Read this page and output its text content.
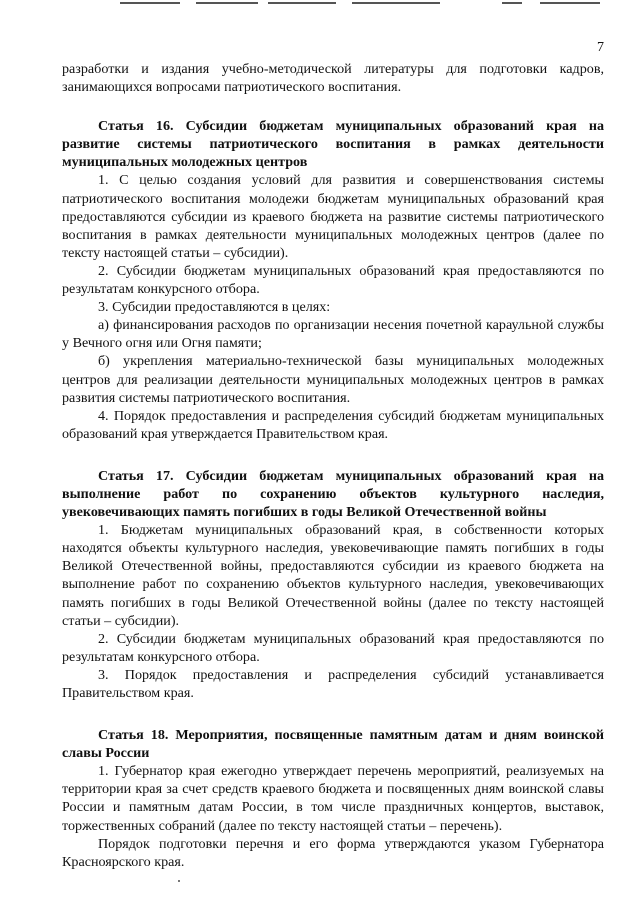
7

разработки и издания учебно-методической литературы для подготовки кадров, занимающихся вопросами патриотического воспитания.

Статья 16. Субсидии бюджетам муниципальных образований края на развитие системы патриотического воспитания в рамках деятельности муниципальных молодежных центров

1. С целью создания условий для развития и совершенствования системы патриотического воспитания молодежи бюджетам муниципальных образований края предоставляются субсидии из краевого бюджета на развитие системы патриотического воспитания в рамках деятельности муниципальных молодежных центров (далее по тексту настоящей статьи – субсидии).

2. Субсидии бюджетам муниципальных образований края предоставляются по результатам конкурсного отбора.

3. Субсидии предоставляются в целях:

а) финансирования расходов по организации несения почетной караульной службы у Вечного огня или Огня памяти;

б) укрепления материально-технической базы муниципальных молодежных центров для реализации деятельности муниципальных молодежных центров в рамках развития системы патриотического воспитания.

4. Порядок предоставления и распределения субсидий бюджетам муниципальных образований края утверждается Правительством края.

Статья 17. Субсидии бюджетам муниципальных образований края на выполнение работ по сохранению объектов культурного наследия, увековечивающих память погибших в годы Великой Отечественной войны

1. Бюджетам муниципальных образований края, в собственности которых находятся объекты культурного наследия, увековечивающие память погибших в годы Великой Отечественной войны, предоставляются субсидии из краевого бюджета на выполнение работ по сохранению объектов культурного наследия, увековечивающих память погибших в годы Великой Отечественной войны (далее по тексту настоящей статьи – субсидии).

2. Субсидии бюджетам муниципальных образований края предоставляются по результатам конкурсного отбора.

3. Порядок предоставления и распределения субсидий устанавливается Правительством края.

Статья 18. Мероприятия, посвященные памятным датам и дням воинской славы России

1. Губернатор края ежегодно утверждает перечень мероприятий, реализуемых на территории края за счет средств краевого бюджета и посвященных дням воинской славы России и памятным датам России, в том числе праздничных концертов, выставок, торжественных собраний (далее по тексту настоящей статьи – перечень).

Порядок подготовки перечня и его форма утверждаются указом Губернатора Красноярского края.
